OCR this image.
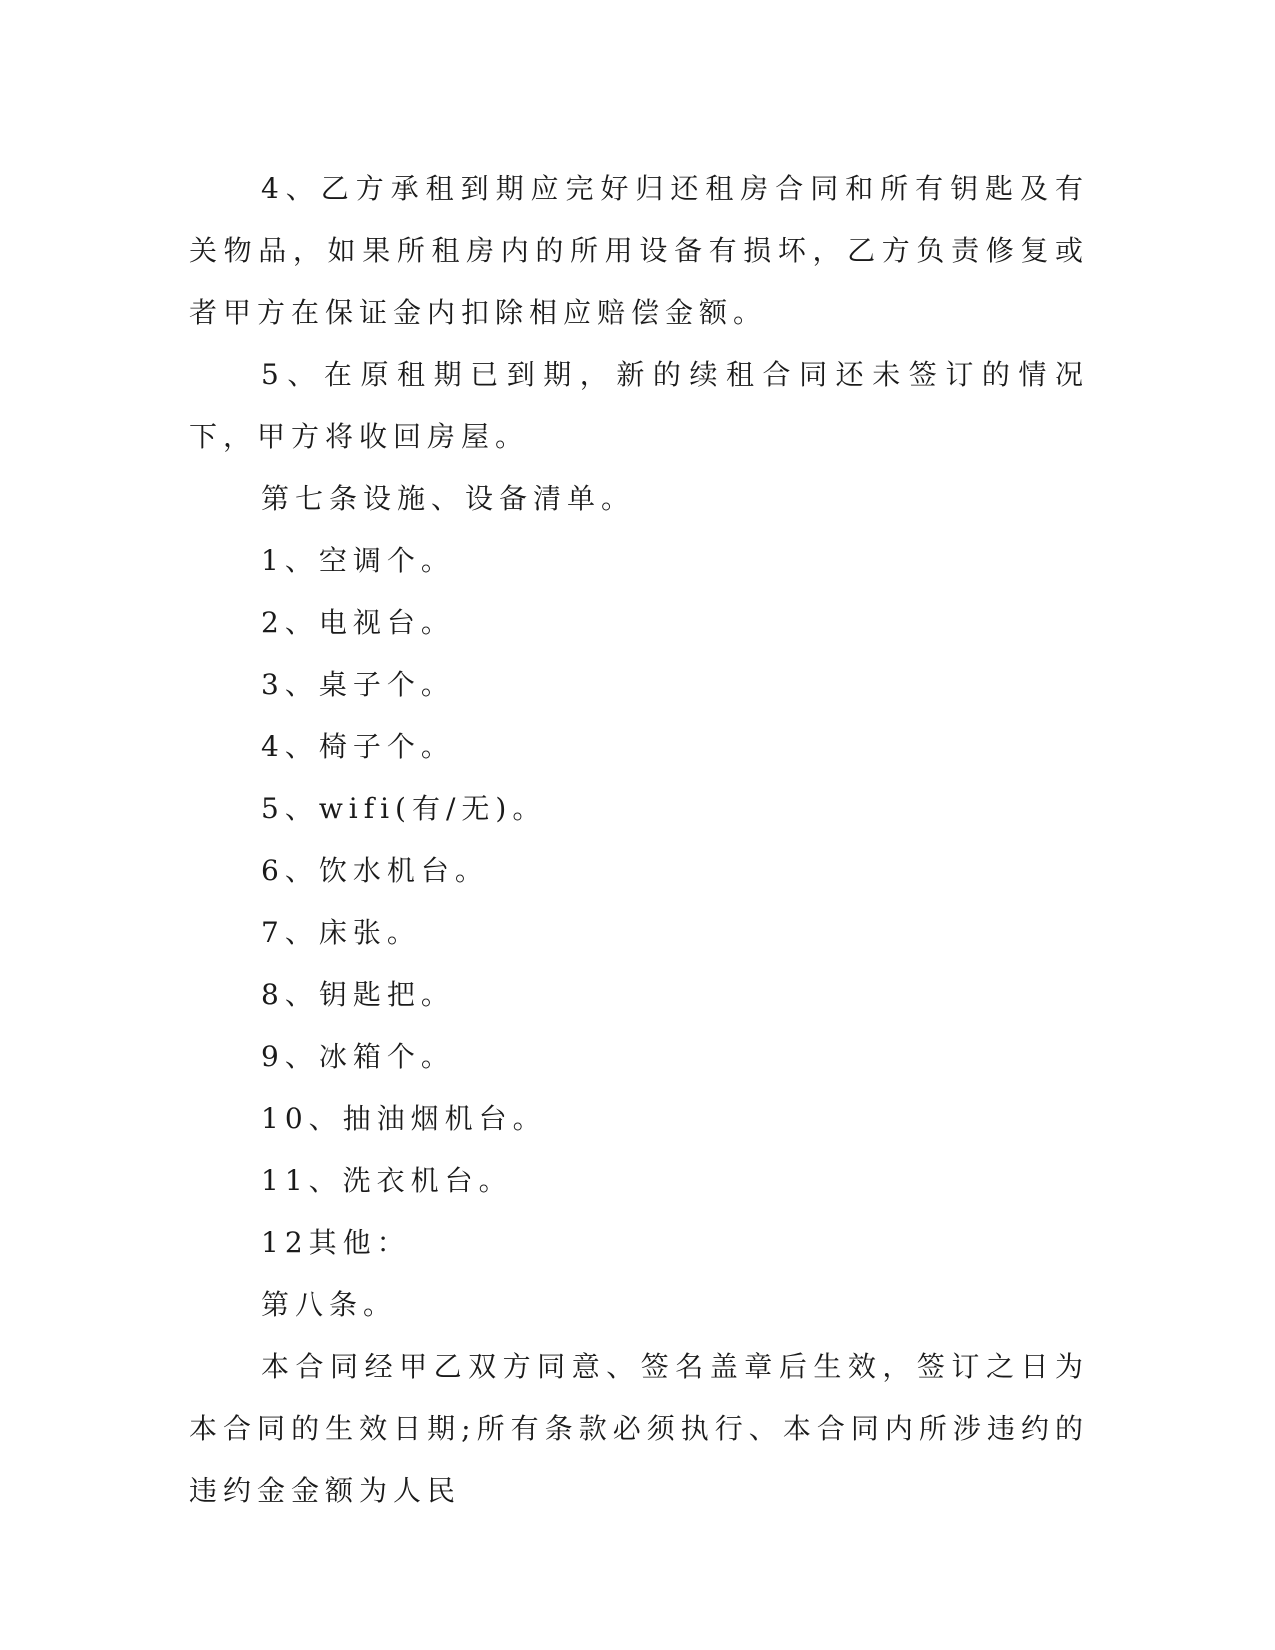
4、乙方承租到期应完好归还租房合同和所有钥匙及有关物品，如果所租房内的所用设备有损坏，乙方负责修复或者甲方在保证金内扣除相应赔偿金额。

5、在原租期已到期，新的续租合同还未签订的情况下，甲方将收回房屋。

第七条设施、设备清单。

1、空调个。

2、电视台。

3、桌子个。

4、椅子个。

5、wifi(有/无)。

6、饮水机台。

7、床张。

8、钥匙把。

9、冰箱个。

10、抽油烟机台。

11、洗衣机台。

12其他：

第八条。

本合同经甲乙双方同意、签名盖章后生效，签订之日为本合同的生效日期;所有条款必须执行、本合同内所涉违约的违约金金额为人民
